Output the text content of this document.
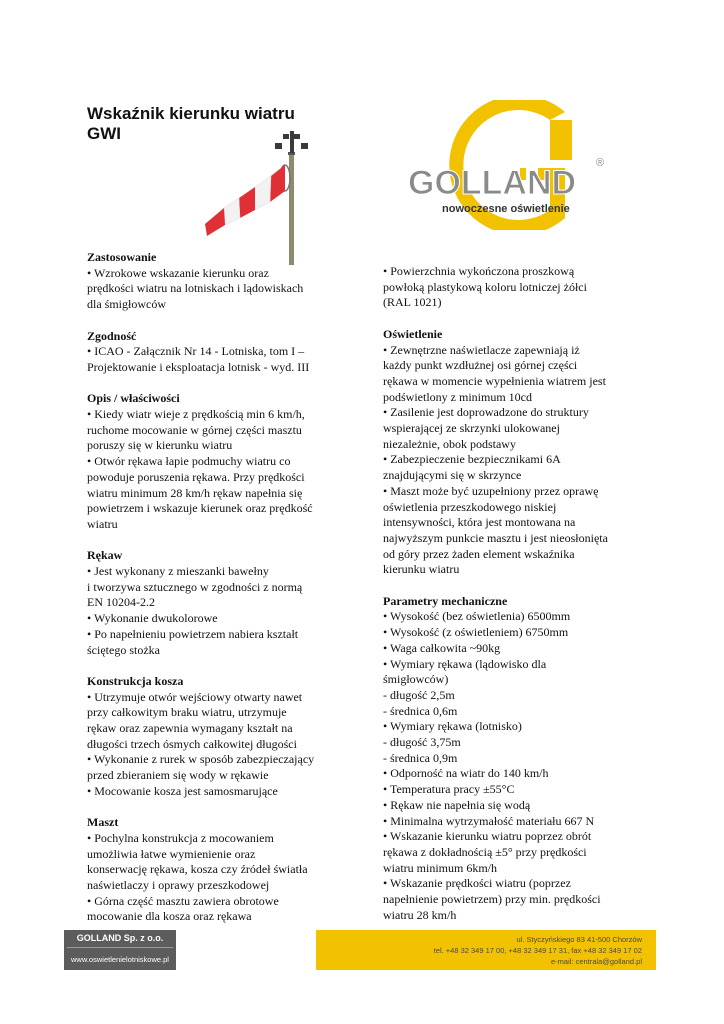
Wskaźnik kierunku wiatru
GWI
GOLLAND
®
nowoczesne oświetlenie
Zastosowanie
• Wzrokowe wskazanie kierunku oraz
prędkości wiatru na lotniskach i lądowiskach
dla śmigłowców
Zgodność
• ICAO - Załącznik Nr 14 - Lotniska, tom I –
Projektowanie i eksploatacja lotnisk - wyd. III
Opis / właściwości
• Kiedy wiatr wieje z prędkością min 6 km/h,
ruchome mocowanie w górnej części masztu
poruszy się w kierunku wiatru
• Otwór rękawa łapie podmuchy wiatru co
powoduje poruszenia rękawa. Przy prędkości
wiatru minimum 28 km/h rękaw napełnia się
powietrzem i wskazuje kierunek oraz prędkość
wiatru
Rękaw
• Jest wykonany z mieszanki bawełny
i tworzywa sztucznego w zgodności z normą
EN 10204-2.2
• Wykonanie dwukolorowe
• Po napełnieniu powietrzem nabiera kształt
ściętego stożka
Konstrukcja kosza
• Utrzymuje otwór wejściowy otwarty nawet
przy całkowitym braku wiatru, utrzymuje
rękaw oraz zapewnia wymagany kształt na
długości trzech ósmych całkowitej długości
• Wykonanie z rurek w sposób zabezpieczający
przed zbieraniem się wody w rękawie
• Mocowanie kosza jest samosmarujące
Maszt
• Pochylna konstrukcja z mocowaniem
umożliwia łatwe wymienienie oraz
konserwację rękawa, kosza czy źródeł światła
naświetlaczy i oprawy przeszkodowej
• Górna część masztu zawiera obrotowe
mocowanie dla kosza oraz rękawa
• Powierzchnia wykończona proszkową
powłoką plastykową koloru lotniczej żółci
(RAL 1021)
Oświetlenie
• Zewnętrzne naświetlacze zapewniają iż
każdy punkt wzdłużnej osi górnej części
rękawa w momencie wypełnienia wiatrem jest
podświetlony z minimum 10cd
• Zasilenie jest doprowadzone do struktury
wspierającej ze skrzynki ulokowanej
niezależnie, obok podstawy
• Zabezpieczenie bezpiecznikami 6A
znajdującymi się w skrzynce
• Maszt może być uzupełniony przez oprawę
oświetlenia przeszkodowego niskiej
intensywności, która jest montowana na
najwyższym punkcie masztu i jest nieosłonięta
od góry przez żaden element wskaźnika
kierunku wiatru
Parametry mechaniczne
• Wysokość (bez oświetlenia) 6500mm
• Wysokość (z oświetleniem) 6750mm
• Waga całkowita ~90kg
• Wymiary rękawa (lądowisko dla
śmigłowców)
- długość 2,5m
- średnica 0,6m
• Wymiary rękawa (lotnisko)
- długość 3,75m
- średnica 0,9m
• Odporność na wiatr do 140 km/h
• Temperatura pracy ±55°C
• Rękaw nie napełnia się wodą
• Minimalna wytrzymałość materiału 667 N
• Wskazanie kierunku wiatru poprzez obrót
rękawa z dokładnością ±5° przy prędkości
wiatru minimum 6km/h
• Wskazanie prędkości wiatru (poprzez
napełnienie powietrzem) przy min. prędkości
wiatru 28 km/h
GOLLAND Sp. z o.o.
www.oswietlenielotniskowe.pl
ul. Styczyńskiego 83 41-500 Chorzów
tel. +48 32 349 17 00, +48 32 349 17 31, fax +48 32 349 17 02
e-mail: centrala@golland.pl
